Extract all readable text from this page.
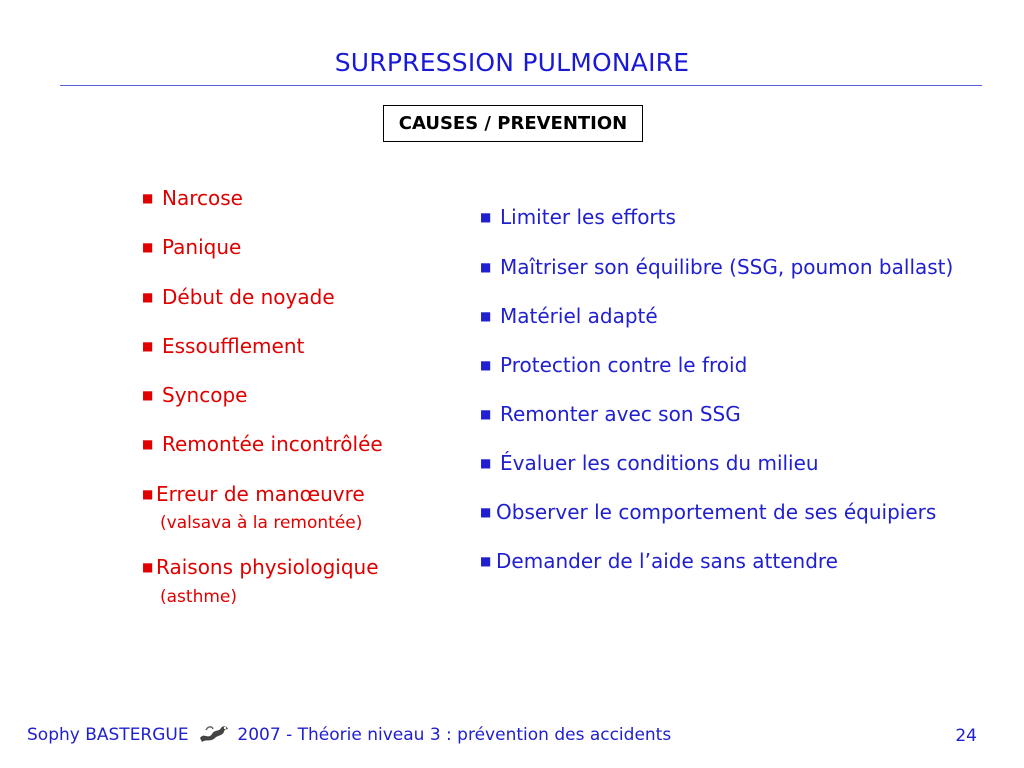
SURPRESSION PULMONAIRE
CAUSES / PREVENTION
■ Narcose
■ Panique
■ Début de noyade
■ Essoufflement
■ Syncope
■ Remontée incontrôlée
■ Erreur de manœuvre
(valsava à la remontée)
■ Raisons physiologique
(asthme)
■ Limiter les efforts
■ Maîtriser son équilibre (SSG, poumon ballast)
■ Matériel adapté
■ Protection contre le froid
■ Remonter avec son SSG
■ Évaluer les conditions du milieu
■ Observer le comportement de ses équipiers
■ Demander de l’aide sans attendre
Sophy BASTERGUE	2007 - Théorie niveau 3 : prévention des accidents	24
